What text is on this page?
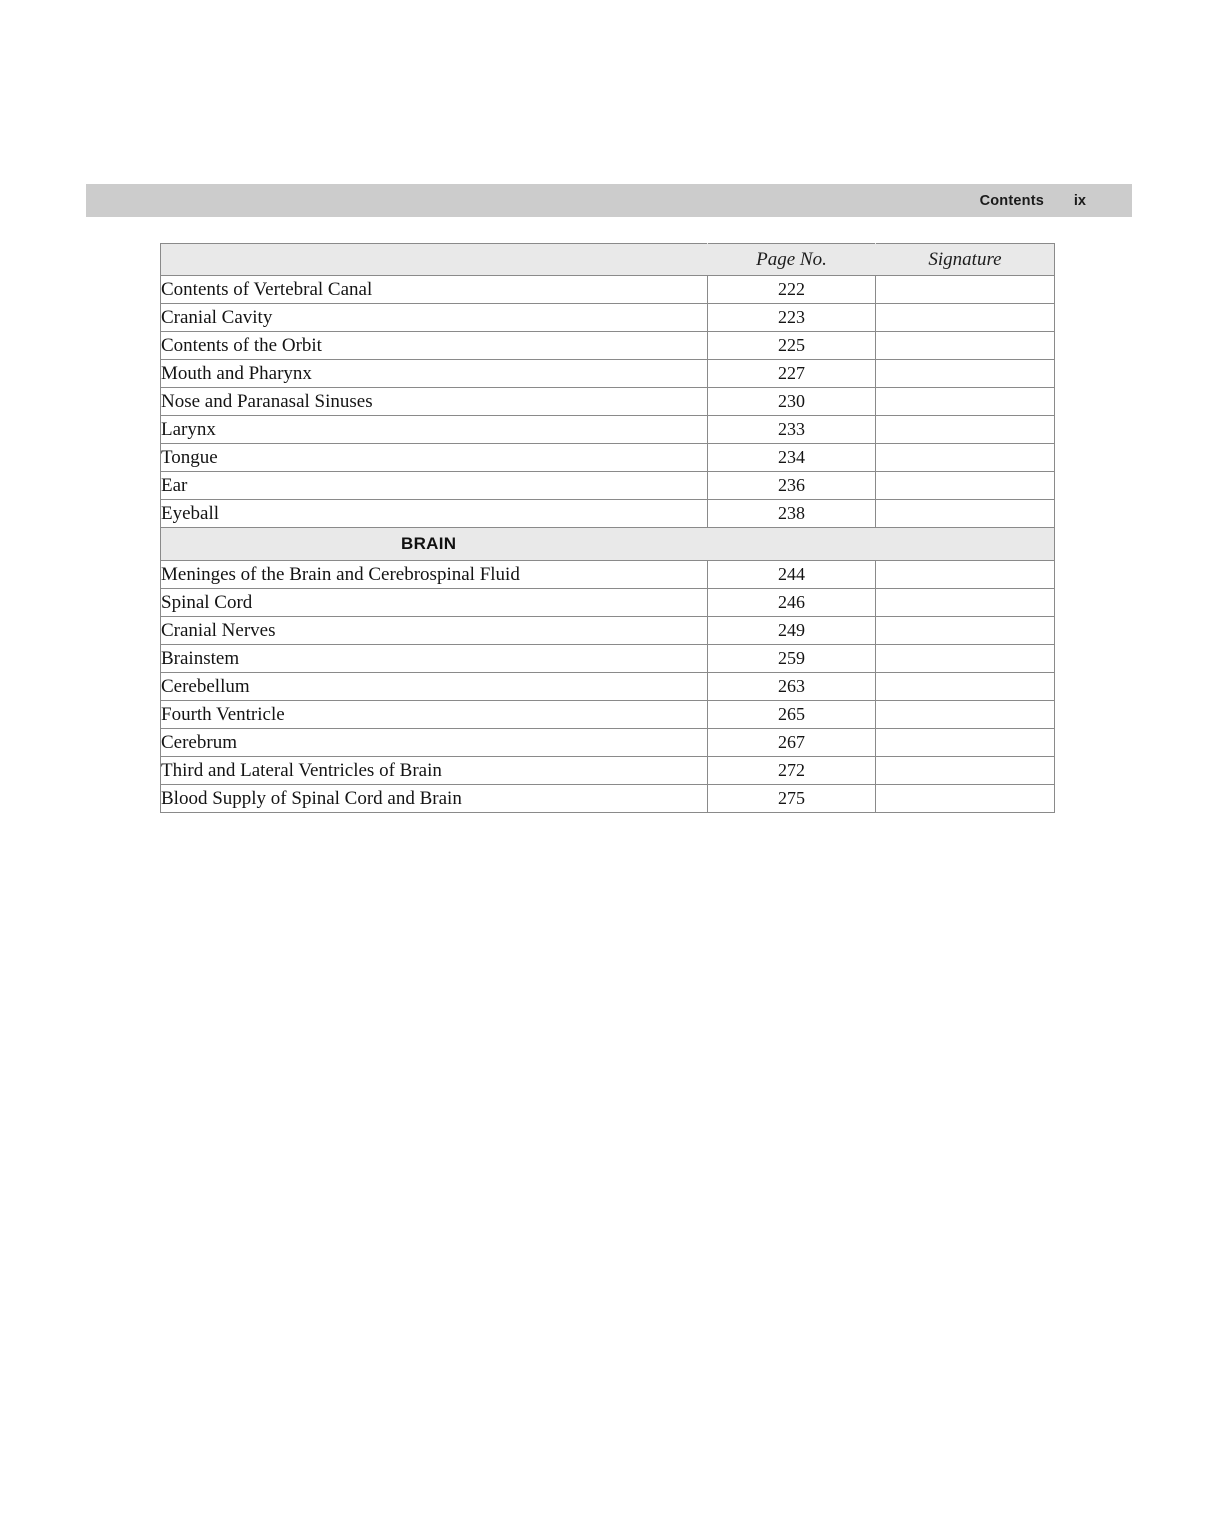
Contents	ix
	Page No.	Signature
Contents of Vertebral Canal	222	
Cranial Cavity	223	
Contents of the Orbit	225	
Mouth and Pharynx	227	
Nose and Paranasal Sinuses	230	
Larynx	233	
Tongue	234	
Ear	236	
Eyeball	238	
BRAIN		
Meninges of the Brain and Cerebrospinal Fluid	244	
Spinal Cord	246	
Cranial Nerves	249	
Brainstem	259	
Cerebellum	263	
Fourth Ventricle	265	
Cerebrum	267	
Third and Lateral Ventricles of Brain	272	
Blood Supply of Spinal Cord and Brain	275	
